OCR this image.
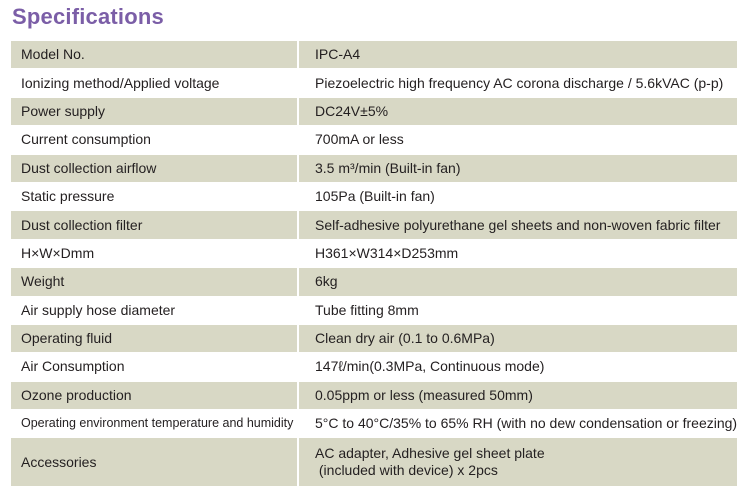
Specifications
Model No.	IPC-A4
Ionizing method/Applied voltage	Piezoelectric high frequency AC corona discharge / 5.6kVAC (p-p)
Power supply	DC24V±5%
Current consumption	700mA or less
Dust collection airflow	3.5 m³/min (Built-in fan)
Static pressure	105Pa (Built-in fan)
Dust collection filter	Self-adhesive polyurethane gel sheets and non-woven fabric filter
H×W×Dmm	H361×W314×D253mm
Weight	6kg
Air supply hose diameter	Tube fitting 8mm
Operating fluid	Clean dry air (0.1 to 0.6MPa)
Air Consumption	147ℓ/min(0.3MPa, Continuous mode)
Ozone production	0.05ppm or less (measured 50mm)
Operating environment temperature and humidity	5°C to 40°C/35% to 65% RH (with no dew condensation or freezing)
Accessories	AC adapter, Adhesive gel sheet plate
(included with device) x 2pcs
